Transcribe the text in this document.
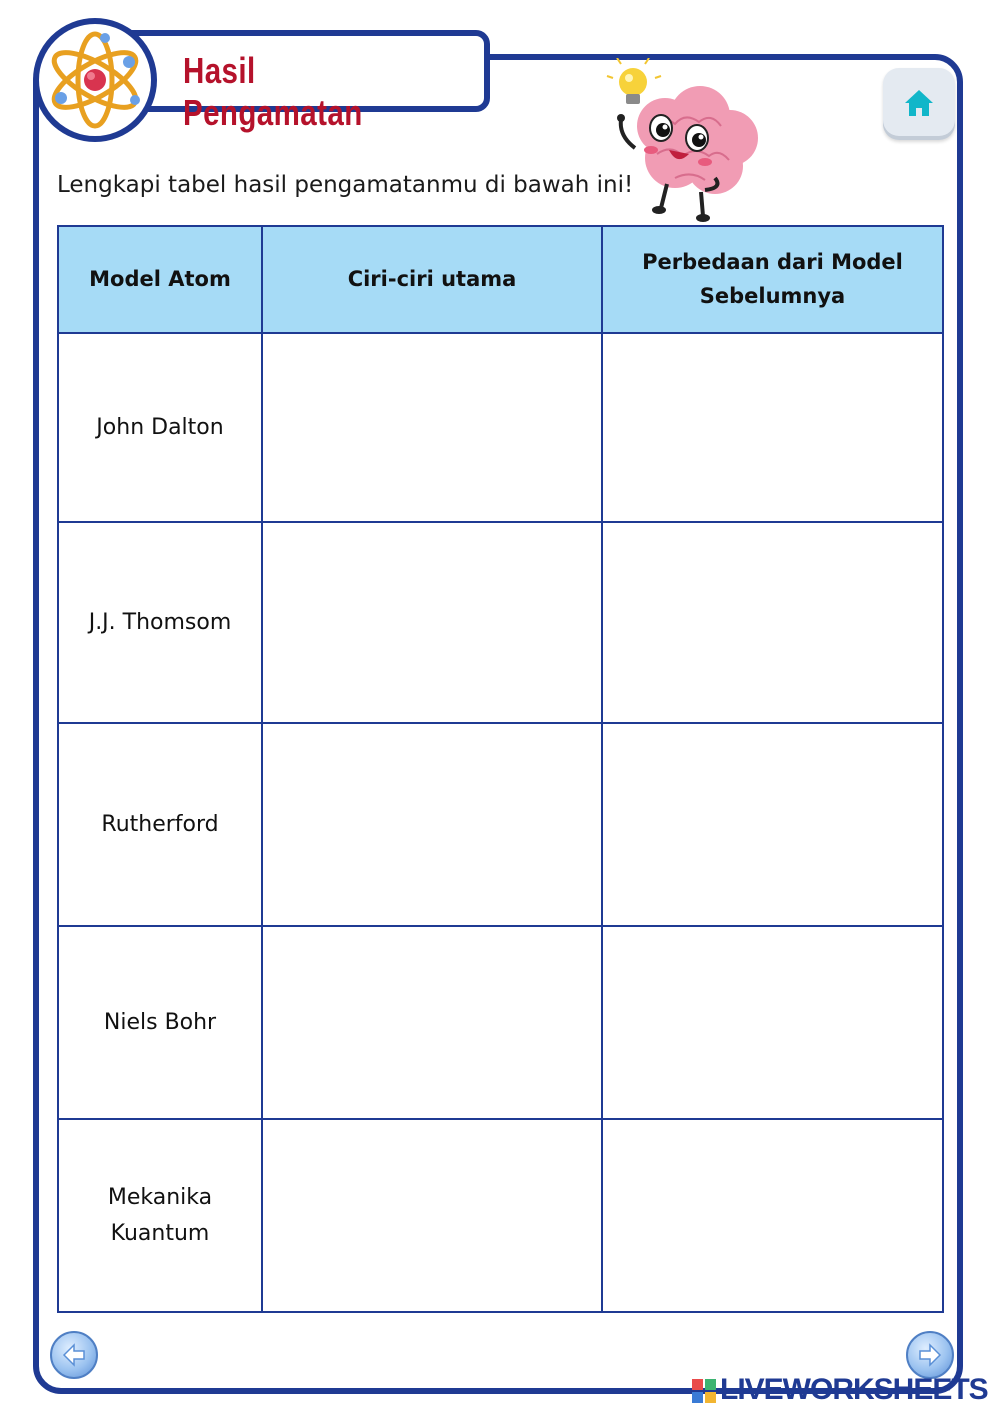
Hasil Pengamatan
Lengkapi tabel hasil pengamatanmu di bawah ini!
Model Atom	Ciri-ciri utama	Perbedaan dari Model Sebelumnya
John Dalton		
J.J. Thomsom		
Rutherford		
Niels Bohr		
Mekanika Kuantum		
LIVEWORKSHEETS
